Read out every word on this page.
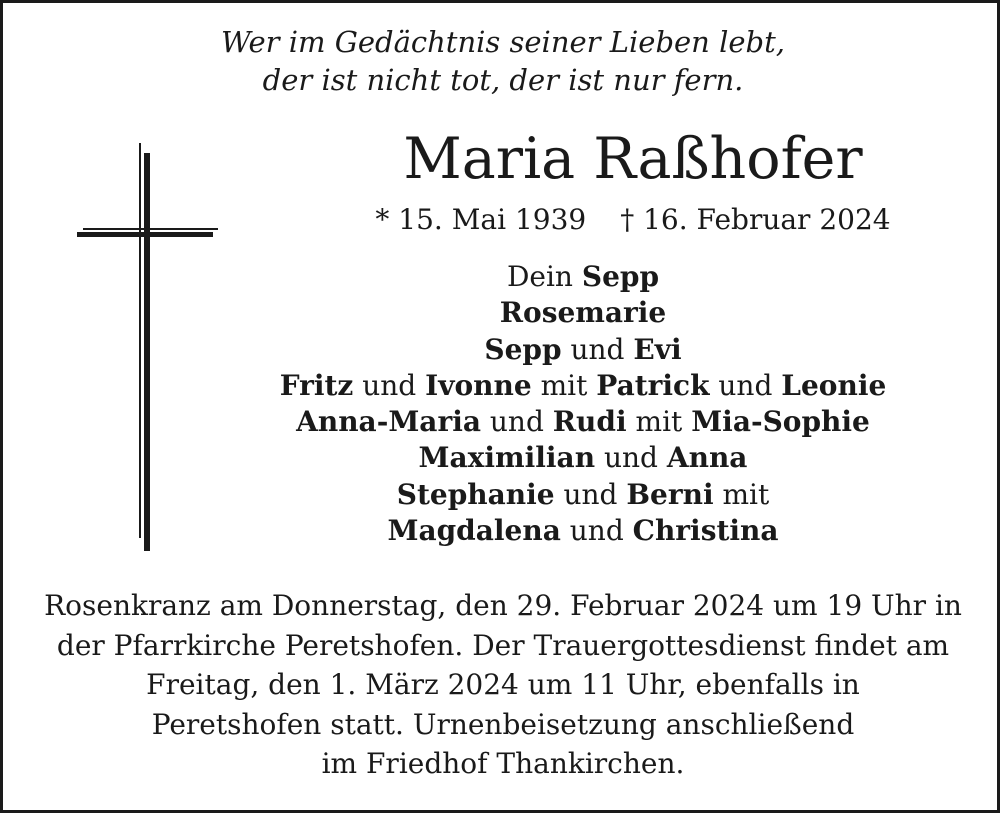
Wer im Gedächtnis seiner Lieben lebt,
der ist nicht tot, der ist nur fern.
Maria Raßhofer
* 15. Mai 1939 † 16. Februar 2024
Dein Sepp
Rosemarie
Sepp und Evi
Fritz und Ivonne mit Patrick und Leonie
Anna-Maria und Rudi mit Mia-Sophie
Maximilian und Anna
Stephanie und Berni mit
Magdalena und Christina
Rosenkranz am Donnerstag, den 29. Februar 2024 um 19 Uhr in
der Pfarrkirche Peretshofen. Der Trauergottesdienst findet am
Freitag, den 1. März 2024 um 11 Uhr, ebenfalls in
Peretshofen statt. Urnenbeisetzung anschließend
im Friedhof Thankirchen.
